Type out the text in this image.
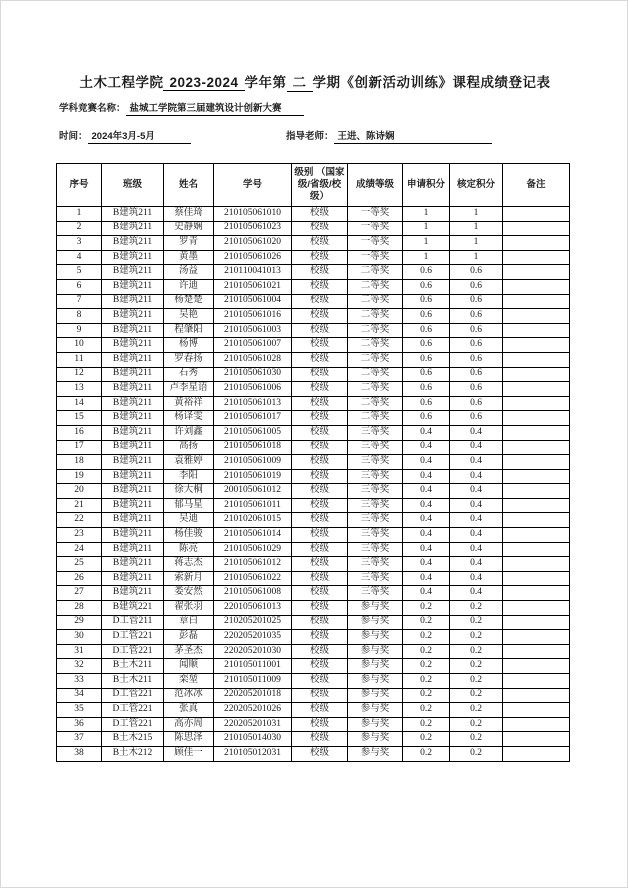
土木工程学院 2023-2024 学年第 二 学期《创新活动训练》课程成绩登记表
学科竞赛名称： 盐城工学院第三届建筑设计创新大赛
时间： 2024年3月-5月	指导老师： 王进、陈诗娴
序号	班级	姓名	学号	级别 （国家级/省级/校级）	成绩等级	申请积分	核定积分	备注
1	B建筑211	蔡佳琦	210105061010	校级	一等奖	1	1	
2	B建筑211	史静娴	210105061023	校级	一等奖	1	1	
3	B建筑211	罗青	210105061020	校级	一等奖	1	1	
4	B建筑211	黄墨	210105061026	校级	一等奖	1	1	
5	B建筑211	汤益	210110041013	校级	二等奖	0.6	0.6	
6	B建筑211	许迪	210105061021	校级	二等奖	0.6	0.6	
7	B建筑211	杨楚楚	210105061004	校级	二等奖	0.6	0.6	
8	B建筑211	吴艳	210105061016	校级	二等奖	0.6	0.6	
9	B建筑211	程肇阳	210105061003	校级	二等奖	0.6	0.6	
10	B建筑211	杨博	210105061007	校级	二等奖	0.6	0.6	
11	B建筑211	罗春扬	210105061028	校级	二等奖	0.6	0.6	
12	B建筑211	石秀	210105061030	校级	二等奖	0.6	0.6	
13	B建筑211	卢李星语	210105061006	校级	二等奖	0.6	0.6	
14	B建筑211	黄裕祥	210105061013	校级	二等奖	0.6	0.6	
15	B建筑211	杨译雯	210105061017	校级	二等奖	0.6	0.6	
16	B建筑211	许刘鑫	210105061005	校级	三等奖	0.4	0.4	
17	B建筑211	高扬	210105061018	校级	三等奖	0.4	0.4	
18	B建筑211	袁雅婷	210105061009	校级	三等奖	0.4	0.4	
19	B建筑211	李阳	210105061019	校级	三等奖	0.4	0.4	
20	B建筑211	徐大桐	200105061012	校级	三等奖	0.4	0.4	
21	B建筑211	郁马星	210105061011	校级	三等奖	0.4	0.4	
22	B建筑211	吴迪	210102061015	校级	三等奖	0.4	0.4	
23	B建筑211	杨佳骏	210105061014	校级	三等奖	0.4	0.4	
24	B建筑211	陈亮	210105061029	校级	三等奖	0.4	0.4	
25	B建筑211	蒋志杰	210105061012	校级	三等奖	0.4	0.4	
26	B建筑211	索新月	210105061022	校级	三等奖	0.4	0.4	
27	B建筑211	娄安然	210105061008	校级	三等奖	0.4	0.4	
28	B建筑221	翟张羽	220105061013	校级	参与奖	0.2	0.2	
29	D工管211	章白	210205201025	校级	参与奖	0.2	0.2	
30	D工管221	彭磊	220205201035	校级	参与奖	0.2	0.2	
31	D工管221	茅圣杰	220205201030	校级	参与奖	0.2	0.2	
32	B土木211	闻顺	210105011001	校级	参与奖	0.2	0.2	
33	B土木211	栾堃	210105011009	校级	参与奖	0.2	0.2	
34	D工管221	范冰冰	220205201018	校级	参与奖	0.2	0.2	
35	D工管221	张真	220205201026	校级	参与奖	0.2	0.2	
36	D工管221	高亦周	220205201031	校级	参与奖	0.2	0.2	
37	B土木215	陈思泽	210105014030	校级	参与奖	0.2	0.2	
38	B土木212	顾佳一	210105012031	校级	参与奖	0.2	0.2	
